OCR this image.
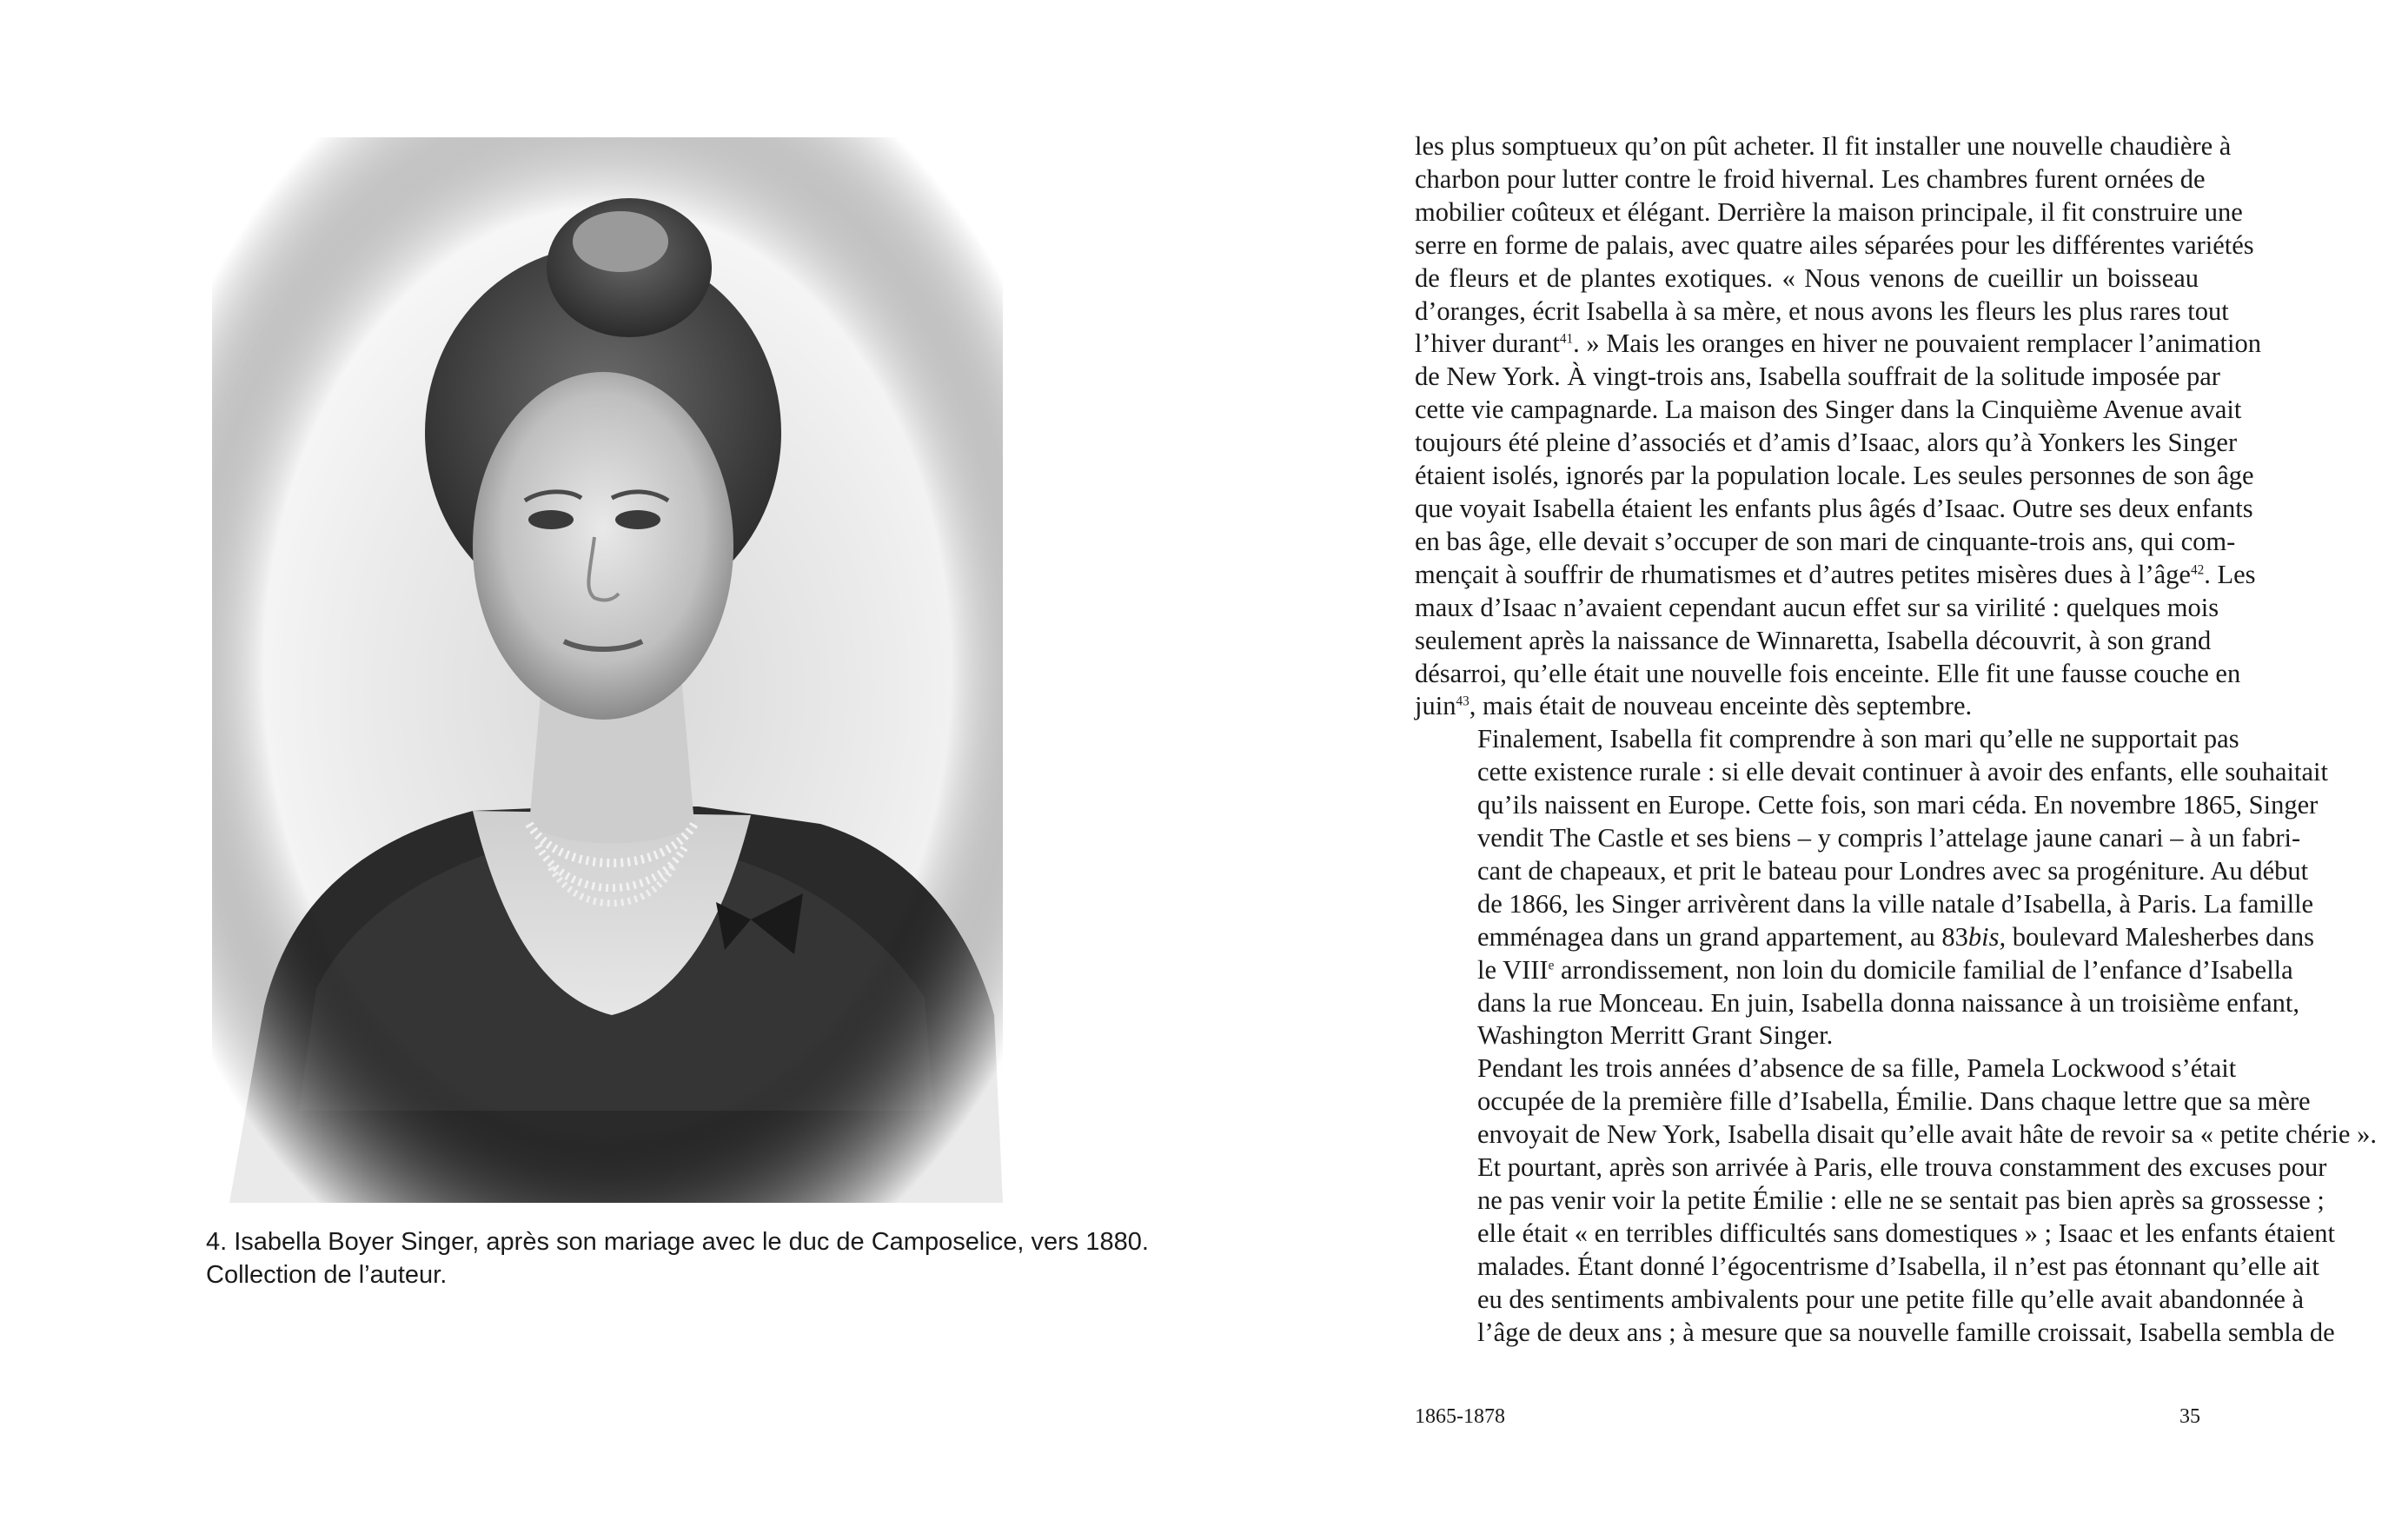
4. Isabella Boyer Singer, après son mariage avec le duc de Camposelice, vers 1880.

Collection de l’auteur.

les plus somptueux qu’on pût acheter. Il fit installer une nouvelle chaudière à
charbon pour lutter contre le froid hivernal. Les chambres furent ornées de
mobilier coûteux et élégant. Derrière la maison principale, il fit construire une
serre en forme de palais, avec quatre ailes séparées pour les différentes variétés
de fleurs et de plantes exotiques. « Nous venons de cueillir un boisseau
d’oranges, écrit Isabella à sa mère, et nous avons les fleurs les plus rares tout
l’hiver durant$^{41}$. » Mais les oranges en hiver ne pouvaient remplacer l’animation
de New York. À vingt-trois ans, Isabella souffrait de la solitude imposée par
cette vie campagnarde. La maison des Singer dans la Cinquième Avenue avait
toujours été pleine d’associés et d’amis d’Isaac, alors qu’à Yonkers les Singer
étaient isolés, ignorés par la population locale. Les seules personnes de son âge
que voyait Isabella étaient les enfants plus âgés d’Isaac. Outre ses deux enfants
en bas âge, elle devait s’occuper de son mari de cinquante-trois ans, qui com-
mençait à souffrir de rhumatismes et d’autres petites misères dues à l’âge$^{42}$. Les
maux d’Isaac n’avaient cependant aucun effet sur sa virilité : quelques mois
seulement après la naissance de Winnaretta, Isabella découvrit, à son grand
désarroi, qu’elle était une nouvelle fois enceinte. Elle fit une fausse couche en
juin$^{43}$, mais était de nouveau enceinte dès septembre.

Finalement, Isabella fit comprendre à son mari qu’elle ne supportait pas
cette existence rurale : si elle devait continuer à avoir des enfants, elle souhaitait
qu’ils naissent en Europe. Cette fois, son mari céda. En novembre 1865, Singer
vendit The Castle et ses biens – y compris l’attelage jaune canari – à un fabri-
cant de chapeaux, et prit le bateau pour Londres avec sa progéniture. Au début
de 1866, les Singer arrivèrent dans la ville natale d’Isabella, à Paris. La famille
emménagea dans un grand appartement, au 83bis, boulevard Malesherbes dans
le VIIIe arrondissement, non loin du domicile familial de l’enfance d’Isabella
dans la rue Monceau. En juin, Isabella donna naissance à un troisième enfant,
Washington Merritt Grant Singer.

Pendant les trois années d’absence de sa fille, Pamela Lockwood s’était
occupée de la première fille d’Isabella, Émilie. Dans chaque lettre que sa mère
envoyait de New York, Isabella disait qu’elle avait hâte de revoir sa « petite chérie ».
Et pourtant, après son arrivée à Paris, elle trouva constamment des excuses pour
ne pas venir voir la petite Émilie : elle ne se sentait pas bien après sa grossesse ;
elle était « en terribles difficultés sans domestiques » ; Isaac et les enfants étaient
malades. Étant donné l’égocentrisme d’Isabella, il n’est pas étonnant qu’elle ait
eu des sentiments ambivalents pour une petite fille qu’elle avait abandonnée à
l’âge de deux ans ; à mesure que sa nouvelle famille croissait, Isabella sembla de

1865-1878	35
